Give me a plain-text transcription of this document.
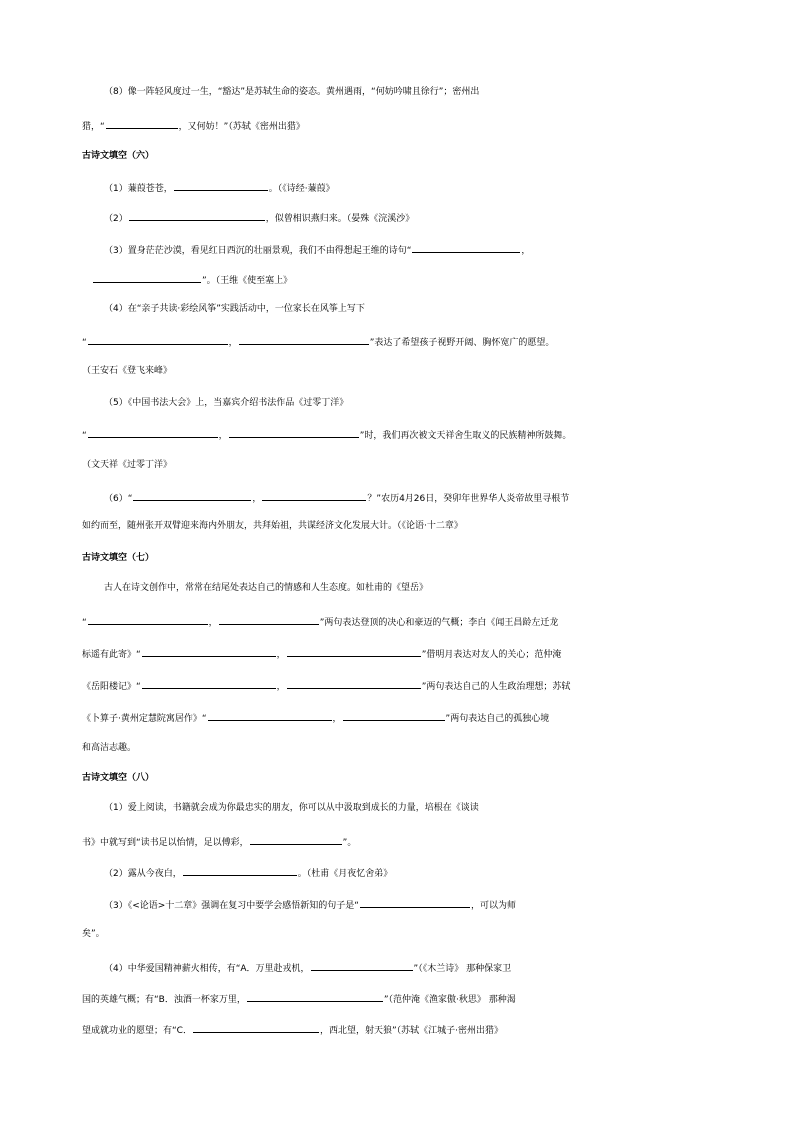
（8）像一阵轻风度过一生，“豁达”是苏轼生命的姿态。黄州遇雨，“何妨吟啸且徐行”；密州出
猎，“	，又何妨！”（苏轼《密州出猎》
古诗文填空（六）
（1）蒹葭苍苍，	。（《诗经·蒹葭》
（2）	，似曾相识燕归来。（晏殊《浣溪沙》
（3）置身茫茫沙漠，看见红日西沉的壮丽景观，我们不由得想起王维的诗句“	，
”。（王维《使至塞上》
（4）在“亲子共读·彩绘风筝”实践活动中，一位家长在风筝上写下
“	，	”表达了希望孩子视野开阔、胸怀宽广的愿望。
（王安石《登飞来峰》
（5）《中国书法大会》上，当嘉宾介绍书法作品《过零丁洋》
“	，	”时，我们再次被文天祥舍生取义的民族精神所鼓舞。
（文天祥《过零丁洋》
（6）“	，	？”农历4月26日，癸卯年世界华人炎帝故里寻根节
如约而至，随州张开双臂迎来海内外朋友，共拜始祖，共谋经济文化发展大计。（《论语·十二章》
古诗文填空（七）
古人在诗文创作中，常常在结尾处表达自己的情感和人生态度。如杜甫的《望岳》
“	，	”两句表达登顶的决心和豪迈的气概；李白《闻王昌龄左迁龙
标遥有此寄》“	，	”借明月表达对友人的关心；范仲淹
《岳阳楼记》“	，	”两句表达自己的人生政治理想；苏轼
《卜算子·黄州定慧院寓居作》“	，	”两句表达自己的孤独心境
和高洁志趣。
古诗文填空（八）
（1）爱上阅读，书籍就会成为你最忠实的朋友，你可以从中汲取到成长的力量，培根在《谈读
书》中就写到“读书足以怡情，足以傅彩，	”。
（2）露从今夜白，	。（杜甫《月夜忆舍弟》
（3）《<论语>十二章》强调在复习中要学会感悟新知的句子是“	，可以为师
矣”。
（4）中华爱国精神薪火相传，有“A．万里赴戎机，	”（《木兰诗》 那种保家卫
国的英雄气概；有“B．浊酒一杯家万里，	”（范仲淹《渔家傲·秋思》 那种渴
望成就功业的愿望；有“C．	，西北望，射天狼”（苏轼《江城子·密州出猎》
